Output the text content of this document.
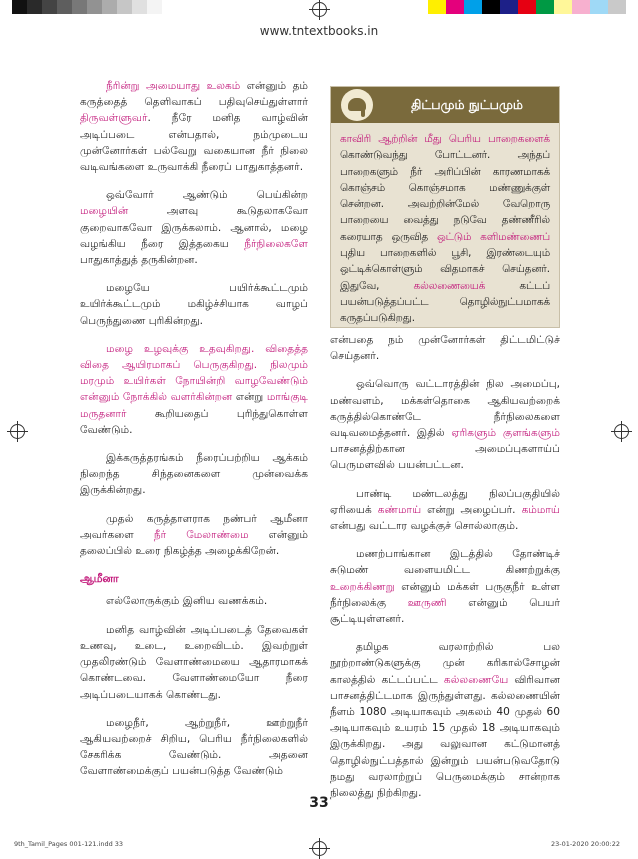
www.tntextbooks.in

நீரின்று அமையாது உலகம் என்னும் தம் கருத்தைத் தெளிவாகப் பதிவுசெய்துள்ளார் திருவள்ளுவர். நீரே மனித வாழ்வின் அடிப்படை என்பதால், நம்முடைய முன்னோர்கள் பல்வேறு வகையான நீர் நிலை வடிவங்களை உருவாக்கி நீரைப் பாதுகாத்தனர்.

ஒவ்வோர் ஆண்டும் பெய்கின்ற மழையின் அளவு கூடுதலாகவோ குறைவாகவோ இருக்கலாம். ஆனால், மழை வழங்கிய நீரை இத்தகைய நீர்நிலைகளே பாதுகாத்துத் தருகின்றன.

மழையே பயிர்க்கூட்டமும் உயிர்க்கூட்டமும் மகிழ்ச்சியாக வாழப் பெருந்துணை புரிகின்றது.

மழை உழவுக்கு உதவுகிறது. விதைத்த விதை ஆயிரமாகப் பெருகுகிறது. நிலமும் மரமும் உயிர்கள் நோயின்றி வாழவேண்டும் என்னும் நோக்கில் வளர்கின்றன என்று மாங்குடி மருதனார் கூறியதைப் புரிந்துகொள்ள வேண்டும்.

இக்கருத்தரங்கம் நீரைப்பற்றிய ஆக்கம் நிறைந்த சிந்தனைகளை முன்வைக்க இருக்கின்றது.

முதல் கருத்தாளராக நண்பர் ஆமீனா அவர்களை நீர் மேலாண்மை என்னும் தலைப்பில் உரை நிகழ்த்த அழைக்கிறேன்.

ஆமீனா

எல்லோருக்கும் இனிய வணக்கம்.

மனித வாழ்வின் அடிப்படைத் தேவைகள் உணவு, உடை, உறைவிடம். இவற்றுள் முதலிரண்டும் வேளாண்மையை ஆதாரமாகக் கொண்டவை. வேளாண்மையோ நீரை அடிப்படையாகக் கொண்டது.

மழைநீர், ஆற்றுநீர், ஊற்றுநீர் ஆகியவற்றைச் சிறிய, பெரிய நீர்நிலைகளில் சேகரிக்க வேண்டும். அதனை வேளாண்மைக்குப் பயன்படுத்த வேண்டும்

திட்பமும் நுட்பமும்
காவிரி ஆற்றின் மீது பெரிய பாறைகளைக் கொண்டுவந்து போட்டனர். அந்தப் பாறைகளும் நீர் அரிப்பின் காரணமாகக் கொஞ்சம் கொஞ்சமாக மண்ணுக்குள் சென்றன. அவற்றின்மேல் வேறொரு பாறையை வைத்து நடுவே தண்ணீரில் கரையாத ஒருவித ஒட்டும் களிமண்ணைப் புதிய பாறைகளில் பூசி, இரண்டையும் ஒட்டிக்கொள்ளும் விதமாகச் செய்தனர். இதுவே, கல்லணையைக் கட்டப் பயன்படுத்தப்பட்ட தொழில்நுட்பமாகக் கருதப்படுகிறது.

என்பதை நம் முன்னோர்கள் திட்டமிட்டுச் செய்தனர்.

ஒவ்வொரு வட்டாரத்தின் நில அமைப்பு, மண்வளம், மக்கள்தொகை ஆகியவற்றைக் கருத்தில்கொண்டே நீர்நிலைகளை வடிவமைத்தனர். இதில் ஏரிகளும் குளங்களும் பாசனத்திற்கான அமைப்புகளாய்ப் பெருமளவில் பயன்பட்டன.

பாண்டி மண்டலத்து நிலப்பகுதியில் ஏரியைக் கண்மாய் என்று அழைப்பர். கம்மாய் என்பது வட்டார வழக்குச் சொல்லாகும்.

மணற்பாங்கான இடத்தில் தோண்டிச் சுடுமண் வளையமிட்ட கிணற்றுக்கு உறைக்கிணறு என்னும் மக்கள் பருகுநீர் உள்ள நீர்நிலைக்கு ஊருணி என்னும் பெயர் சூட்டியுள்ளனர்.

தமிழக வரலாற்றில் பல நூற்றாண்டுகளுக்கு முன் கரிகால்சோழன் காலத்தில் கட்டப்பட்ட கல்லணையே விரிவான பாசனத்திட்டமாக இருந்துள்ளது. கல்லணையின் நீளம் 1080 அடியாகவும் அகலம் 40 முதல் 60 அடியாகவும் உயரம் 15 முதல் 18 அடியாகவும் இருக்கிறது. அது வலுவான கட்டுமானத் தொழில்நுட்பத்தால் இன்றும் பயன்படுவதோடு நமது வரலாற்றுப் பெருமைக்கும் சான்றாக நிலைத்து நிற்கிறது.

33
9th_Tamil_Pages 001-121.indd 33	23-01-2020 20:00:22
